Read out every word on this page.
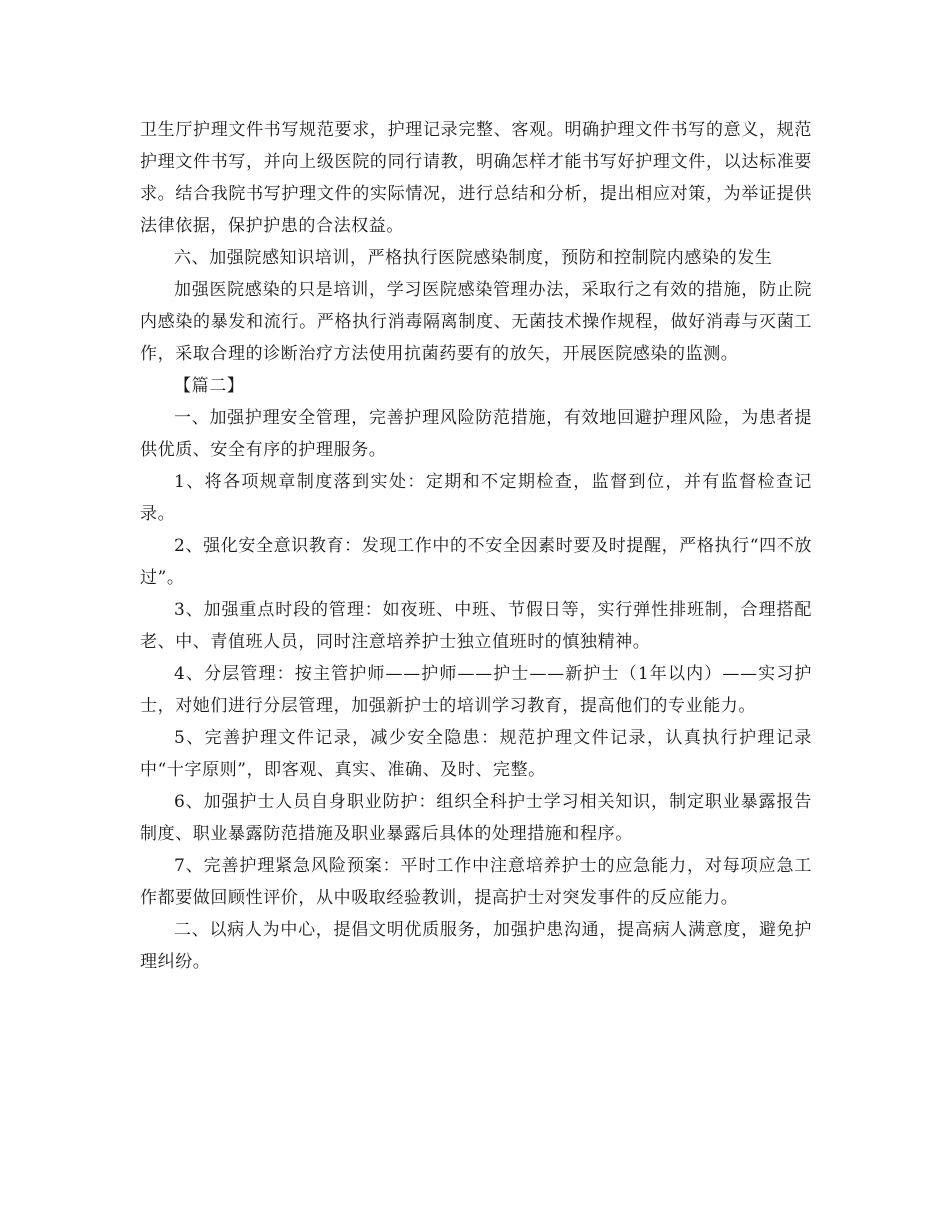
卫生厅护理文件书写规范要求，护理记录完整、客观。明确护理文件书写的意义，规范护理文件书写，并向上级医院的同行请教，明确怎样才能书写好护理文件，以达标准要求。结合我院书写护理文件的实际情况，进行总结和分析，提出相应对策，为举证提供法律依据，保护护患的合法权益。

六、加强院感知识培训，严格执行医院感染制度，预防和控制院内感染的发生

加强医院感染的只是培训，学习医院感染管理办法，采取行之有效的措施，防止院内感染的暴发和流行。严格执行消毒隔离制度、无菌技术操作规程，做好消毒与灭菌工作，采取合理的诊断治疗方法使用抗菌药要有的放矢，开展医院感染的监测。

【篇二】

一、加强护理安全管理，完善护理风险防范措施，有效地回避护理风险，为患者提供优质、安全有序的护理服务。

1、将各项规章制度落到实处：定期和不定期检查，监督到位，并有监督检查记录。

2、强化安全意识教育：发现工作中的不安全因素时要及时提醒，严格执行“四不放过”。

3、加强重点时段的管理：如夜班、中班、节假日等，实行弹性排班制，合理搭配老、中、青值班人员，同时注意培养护士独立值班时的慎独精神。

4、分层管理：按主管护师——护师——护士——新护士（1年以内）——实习护士，对她们进行分层管理，加强新护士的培训学习教育，提高他们的专业能力。

5、完善护理文件记录，减少安全隐患：规范护理文件记录，认真执行护理记录中“十字原则”，即客观、真实、准确、及时、完整。

6、加强护士人员自身职业防护：组织全科护士学习相关知识，制定职业暴露报告制度、职业暴露防范措施及职业暴露后具体的处理措施和程序。

7、完善护理紧急风险预案：平时工作中注意培养护士的应急能力，对每项应急工作都要做回顾性评价，从中吸取经验教训，提高护士对突发事件的反应能力。

二、以病人为中心，提倡文明优质服务，加强护患沟通，提高病人满意度，避免护理纠纷。
